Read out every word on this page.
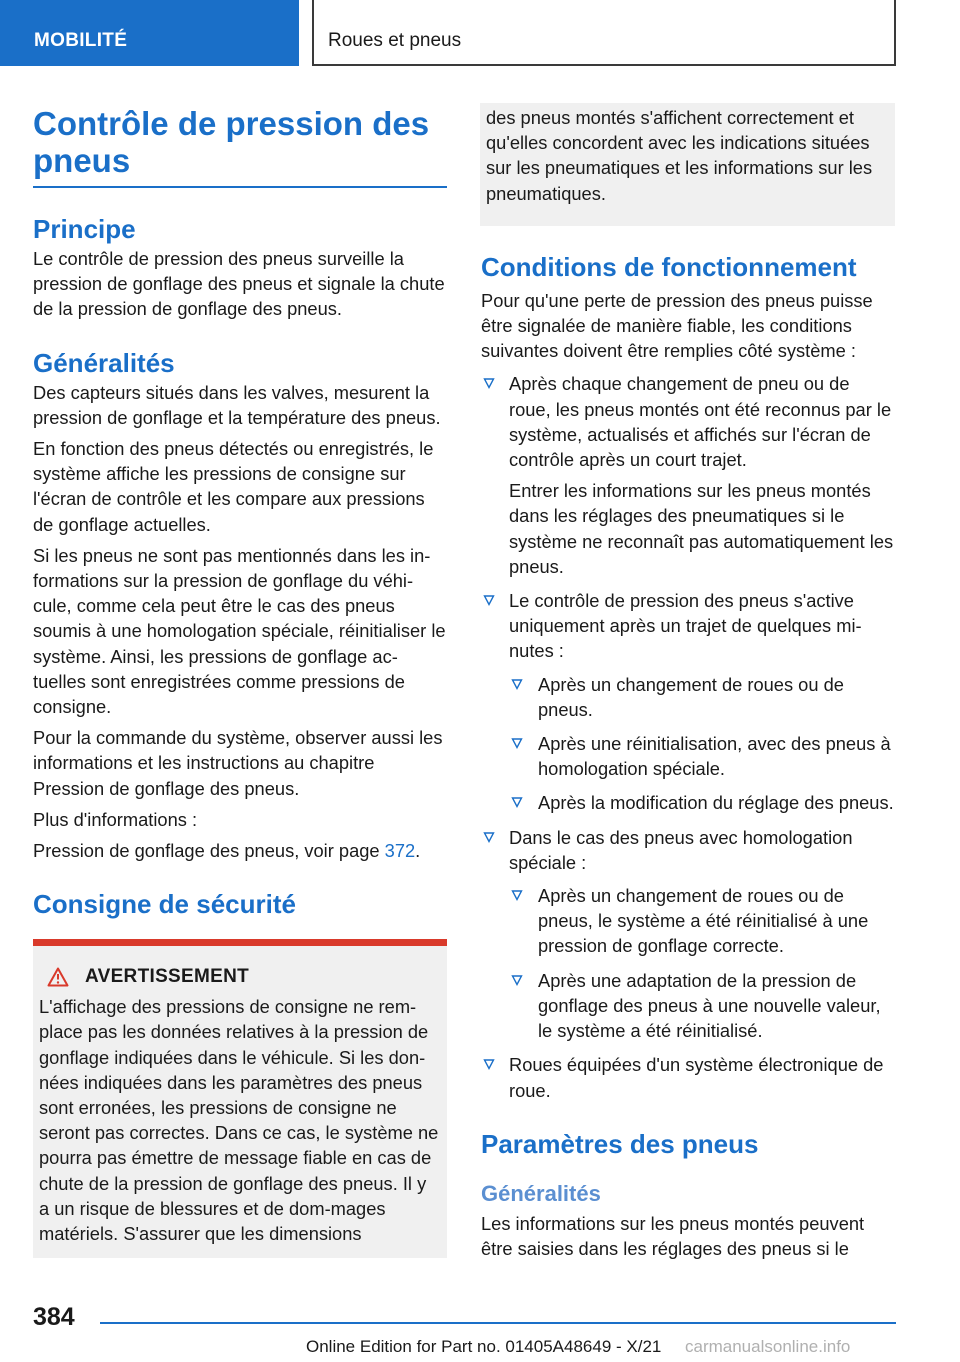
MOBILITÉ	Roues et pneus
Contrôle de pression des pneus
Principe

Le contrôle de pression des pneus surveille la pression de gonflage des pneus et signale la chute de la pression de gonflage des pneus.

Généralités

Des capteurs situés dans les valves, mesurent la pression de gonflage et la température des pneus.

En fonction des pneus détectés ou enregistrés, le système affiche les pressions de consigne sur l'écran de contrôle et les compare aux pressions de gonflage actuelles.

Si les pneus ne sont pas mentionnés dans les in-formations sur la pression de gonflage du véhi-cule, comme cela peut être le cas des pneus soumis à une homologation spéciale, réinitialiser le système. Ainsi, les pressions de gonflage ac-tuelles sont enregistrées comme pressions de consigne.

Pour la commande du système, observer aussi les informations et les instructions au chapitre Pression de gonflage des pneus.

Plus d'informations :

Pression de gonflage des pneus, voir page 372.

Consigne de sécurité
AVERTISSEMENT

L'affichage des pressions de consigne ne rem-place pas les données relatives à la pression de gonflage indiquées dans le véhicule. Si les don-nées indiquées dans les paramètres des pneus sont erronées, les pressions de consigne ne seront pas correctes. Dans ce cas, le système ne pourra pas émettre de message fiable en cas de chute de la pression de gonflage des pneus. Il y a un risque de blessures et de dom-mages matériels. S'assurer que les dimensions

des pneus montés s'affichent correctement et qu'elles concordent avec les indications situées sur les pneumatiques et les informations sur les pneumatiques.

Conditions de fonctionnement

Pour qu'une perte de pression des pneus puisse être signalée de manière fiable, les conditions suivantes doivent être remplies côté système :

Après chaque changement de pneu ou de roue, les pneus montés ont été reconnus par le système, actualisés et affichés sur l'écran de contrôle après un court trajet.
Entrer les informations sur les pneus montés dans les réglages des pneumatiques si le système ne reconnaît pas automatiquement les pneus.
Le contrôle de pression des pneus s'active uniquement après un trajet de quelques mi-nutes :
Après un changement de roues ou de pneus.
Après une réinitialisation, avec des pneus à homologation spéciale.
Après la modification du réglage des pneus.
Dans le cas des pneus avec homologation spéciale :
Après un changement de roues ou de pneus, le système a été réinitialisé à une pression de gonflage correcte.
Après une adaptation de la pression de gonflage des pneus à une nouvelle valeur, le système a été réinitialisé.
Roues équipées d'un système électronique de roue.
Paramètres des pneus
Généralités

Les informations sur les pneus montés peuvent être saisies dans les réglages des pneus si le

384
Online Edition for Part no. 01405A48649 - X/21 carmanualsonline.info
